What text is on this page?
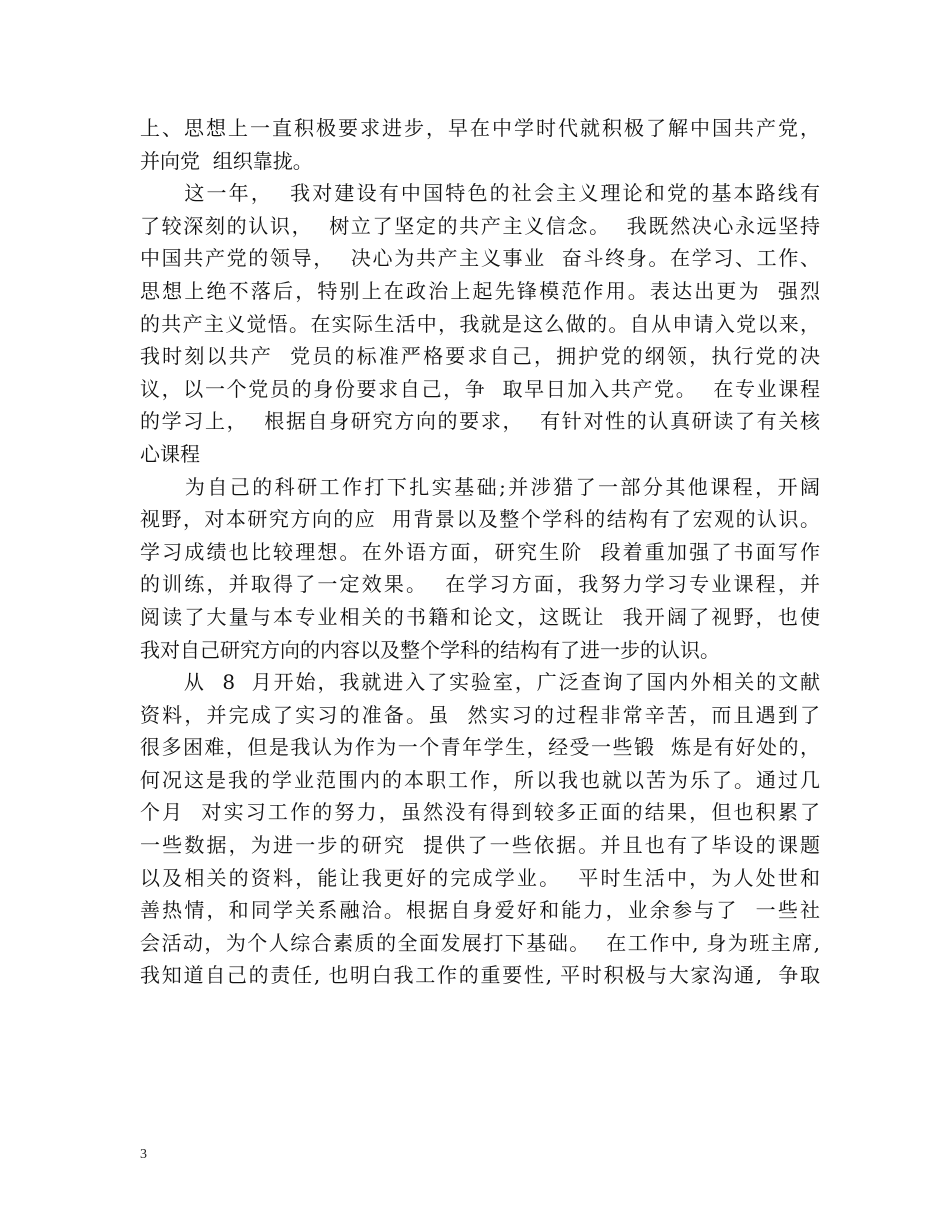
上、思想上一直积极要求进步，早在中学时代就积极了解中国共产党，
并向党  组织靠拢。
　　这一年，  我对建设有中国特色的社会主义理论和党的基本路线有
了较深刻的认识，  树立了坚定的共产主义信念。  我既然决心永远坚持
中国共产党的领导，  决心为共产主义事业  奋斗终身。在学习、工作、
思想上绝不落后，特别上在政治上起先锋模范作用。表达出更为  强烈
的共产主义觉悟。在实际生活中，我就是这么做的。自从申请入党以来，
我时刻以共产  党员的标准严格要求自己，拥护党的纲领，执行党的决
议，以一个党员的身份要求自己，争  取早日加入共产党。  在专业课程
的学习上，  根据自身研究方向的要求，  有针对性的认真研读了有关核
心课程
　　为自己的科研工作打下扎实基础;并涉猎了一部分其他课程，开阔
视野，对本研究方向的应  用背景以及整个学科的结构有了宏观的认识。
学习成绩也比较理想。在外语方面，研究生阶  段着重加强了书面写作
的训练，并取得了一定效果。  在学习方面，我努力学习专业课程，并
阅读了大量与本专业相关的书籍和论文，这既让  我开阔了视野，也使
我对自己研究方向的内容以及整个学科的结构有了进一步的认识。
　　从  8  月开始，我就进入了实验室，广泛查询了国内外相关的文献
资料，并完成了实习的准备。虽  然实习的过程非常辛苦，而且遇到了
很多困难，但是我认为作为一个青年学生，经受一些锻  炼是有好处的，
何况这是我的学业范围内的本职工作，所以我也就以苦为乐了。通过几
个月  对实习工作的努力，虽然没有得到较多正面的结果，但也积累了
一些数据，为进一步的研究  提供了一些依据。并且也有了毕设的课题
以及相关的资料，能让我更好的完成学业。  平时生活中，为人处世和
善热情，和同学关系融洽。根据自身爱好和能力，业余参与了  一些社
会活动，为个人综合素质的全面发展打下基础。  在工作中, 身为班主席,
我知道自己的责任, 也明白我工作的重要性, 平时积极与大家沟通,  争取
3
